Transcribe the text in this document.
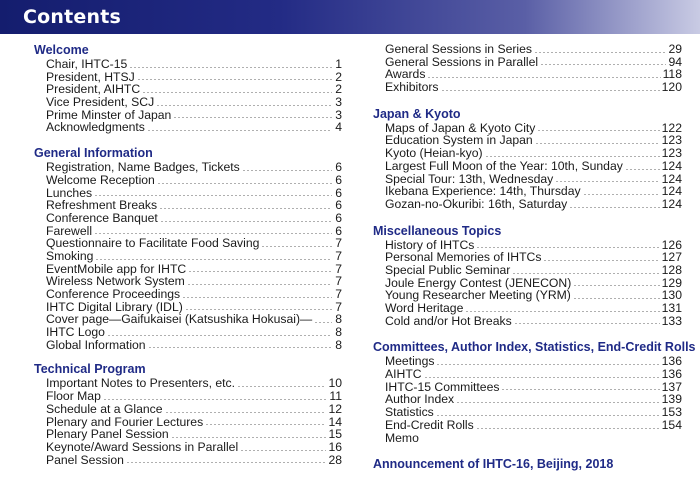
Contents
Welcome
Chair, IHTC-15	1
President, HTSJ	2
President, AIHTC	2
Vice President, SCJ	3
Prime Minster of Japan	3
Acknowledgments	4
General Information
Registration, Name Badges, Tickets	6
Welcome Reception	6
Lunches	6
Refreshment Breaks	6
Conference Banquet	6
Farewell	6
Questionnaire to Facilitate Food Saving	7
Smoking	7
EventMobile app for IHTC	7
Wireless Network System	7
Conference Proceedings	7
IHTC Digital Library (IDL)	7
Cover page—Gaifukaisei (Katsushika Hokusai)— 8
IHTC Logo	8
Global Information	8
Technical Program
Important Notes to Presenters, etc.	10
Floor Map	11
Schedule at a Glance	12
Plenary and Fourier Lectures	14
Plenary Panel Session	15
Keynote/Award Sessions in Parallel	16
Panel Session	28
General Sessions in Series	29
General Sessions in Parallel	94
Awards	118
Exhibitors	120
Japan & Kyoto
Maps of Japan & Kyoto City	122
Education System in Japan	123
Kyoto (Heian-kyo)	123
Largest Full Moon of the Year: 10th, Sunday	124
Special Tour: 13th, Wednesday	124
Ikebana Experience: 14th, Thursday	124
Gozan-no-Okuribi: 16th, Saturday	124
Miscellaneous Topics
History of IHTCs	126
Personal Memories of IHTCs	127
Special Public Seminar	128
Joule Energy Contest (JENECON)	129
Young Researcher Meeting (YRM)	130
Word Heritage	131
Cold and/or Hot Breaks	133
Committees, Author Index, Statistics, End-Credit Rolls
Meetings	136
AIHTC	136
IHTC-15 Committees	137
Author Index	139
Statistics	153
End-Credit Rolls	154
Memo
Announcement of IHTC-16, Beijing, 2018
